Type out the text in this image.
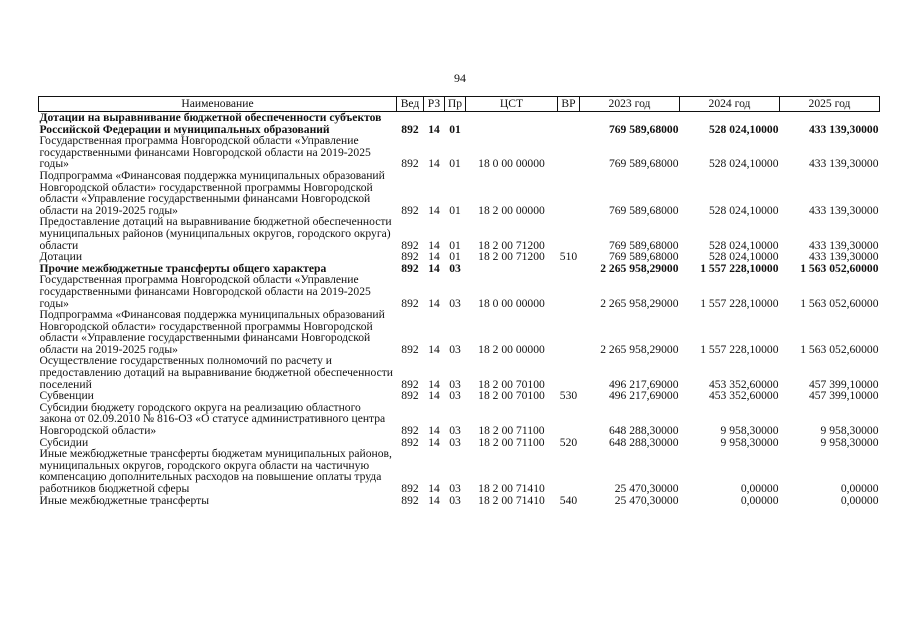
94
Наименование	Вед	РЗ	Пр	ЦСТ	ВР	2023 год	2024 год	2025 год
Дотации на выравнивание бюджетной обеспеченности субъектов Российской Федерации и муниципальных образований	892	14	01			769 589,68000	528 024,10000	433 139,30000
Государственная программа Новгородской области «Управление государственными финансами Новгородской области на 2019-2025 годы»	892	14	01	18 0 00 00000		769 589,68000	528 024,10000	433 139,30000
Подпрограмма «Финансовая поддержка муниципальных образований Новгородской области» государственной программы Новгородской области «Управление государственными финансами Новгородской области на 2019-2025 годы»	892	14	01	18 2 00 00000		769 589,68000	528 024,10000	433 139,30000
Предоставление дотаций на выравнивание бюджетной обеспеченности муниципальных районов (муниципальных округов, городского округа) области	892	14	01	18 2 00 71200		769 589,68000	528 024,10000	433 139,30000
Дотации	892	14	01	18 2 00 71200	510	769 589,68000	528 024,10000	433 139,30000
Прочие межбюджетные трансферты общего характера	892	14	03			2 265 958,29000	1 557 228,10000	1 563 052,60000
Государственная программа Новгородской области «Управление государственными финансами Новгородской области на 2019-2025 годы»	892	14	03	18 0 00 00000		2 265 958,29000	1 557 228,10000	1 563 052,60000
Подпрограмма «Финансовая поддержка муниципальных образований Новгородской области» государственной программы Новгородской области «Управление государственными финансами Новгородской области на 2019-2025 годы»	892	14	03	18 2 00 00000		2 265 958,29000	1 557 228,10000	1 563 052,60000
Осуществление государственных полномочий по расчету и предоставлению дотаций на выравнивание бюджетной обеспеченности поселений	892	14	03	18 2 00 70100		496 217,69000	453 352,60000	457 399,10000
Субвенции	892	14	03	18 2 00 70100	530	496 217,69000	453 352,60000	457 399,10000
Субсидии бюджету городского округа на реализацию областного закона от 02.09.2010 № 816-ОЗ «О статусе административного центра Новгородской области»	892	14	03	18 2 00 71100		648 288,30000	9 958,30000	9 958,30000
Субсидии	892	14	03	18 2 00 71100	520	648 288,30000	9 958,30000	9 958,30000
Иные межбюджетные трансферты бюджетам муниципальных районов, муниципальных округов, городского округа области на частичную компенсацию дополнительных расходов на повышение оплаты труда работников бюджетной сферы	892	14	03	18 2 00 71410		25 470,30000	0,00000	0,00000
Иные межбюджетные трансферты	892	14	03	18 2 00 71410	540	25 470,30000	0,00000	0,00000
